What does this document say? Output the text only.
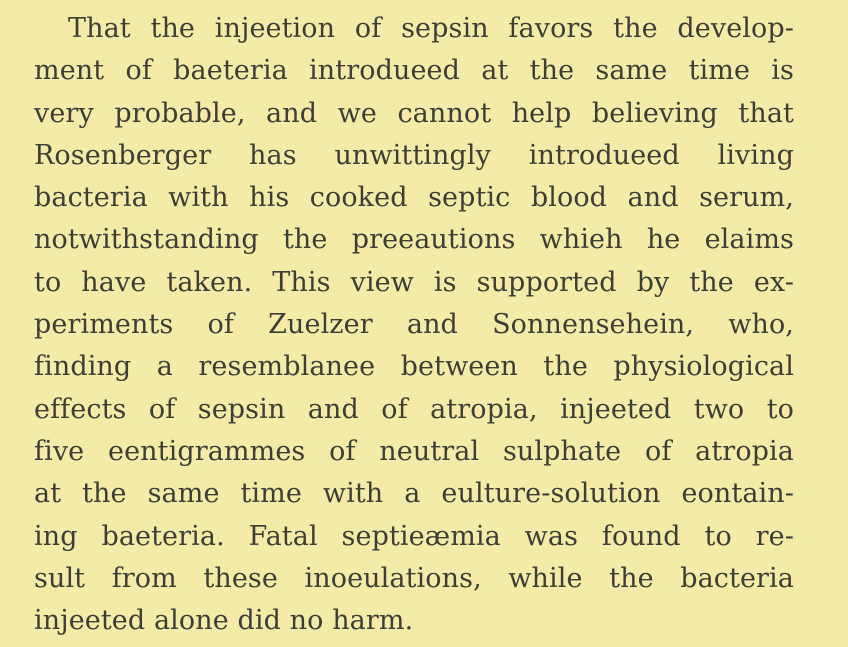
That the injeetion of sepsin favors the develop-
ment of baeteria introdueed at the same time is
very probable, and we cannot help believing that
Rosenberger has unwittingly introdueed living
bacteria with his cooked septic blood and serum,
notwithstanding the preeautions whieh he elaims
to have taken. This view is supported by the ex-
periments of Zuelzer and Sonnensehein, who,
finding a resemblanee between the physiological
effects of sepsin and of atropia, injeeted two to
five eentigrammes of neutral sulphate of atropia
at the same time with a eulture-solution eontain-
ing baeteria. Fatal septieæmia was found to re-
sult from these inoeulations, while the bacteria
injeeted alone did no harm.
